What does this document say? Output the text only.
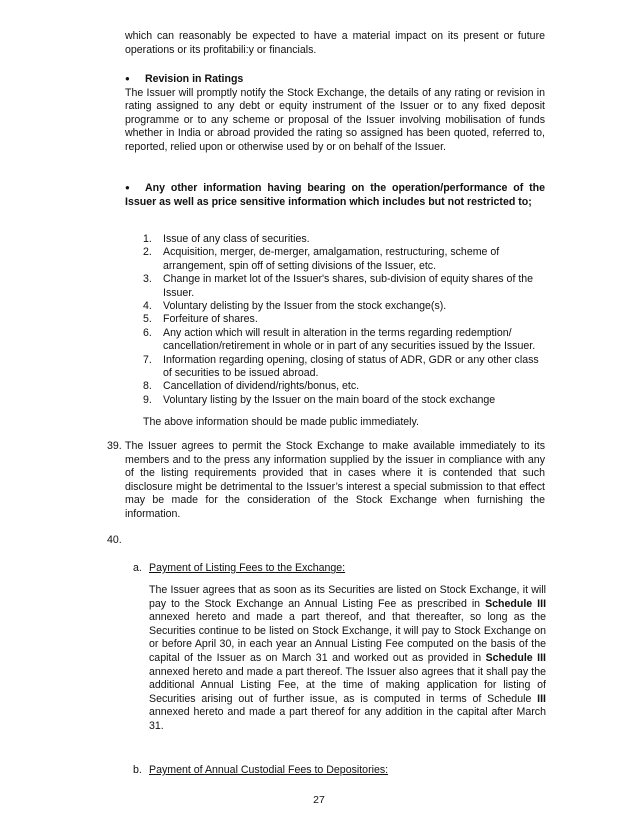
which can reasonably be expected to have a material impact on its present or future operations or its profitabili:y or financials.

● Revision in Ratings

The Issuer will promptly notify the Stock Exchange, the details of any rating or revision in rating assigned to any debt or equity instrument of the Issuer or to any fixed deposit programme or to any scheme or proposal of the Issuer involving mobilisation of funds whether in India or abroad provided the rating so assigned has been quoted, referred to, reported, relied upon or otherwise used by or on behalf of the Issuer.

● Any other information having bearing on the operation/performance of the Issuer as well as price sensitive information which includes but not restricted to;

1. Issue of any class of securities.
2. Acquisition, merger, de-merger, amalgamation, restructuring, scheme of arrangement, spin off of setting divisions of the Issuer, etc.
3. Change in market lot of the Issuer's shares, sub-division of equity shares of the Issuer.
4. Voluntary delisting by the Issuer from the stock exchange(s).
5. Forfeiture of shares.
6. Any action which will result in alteration in the terms regarding redemption/ cancellation/retirement in whole or in part of any securities issued by the Issuer.
7. Information regarding opening, closing of status of ADR, GDR or any other class of securities to be issued abroad.
8. Cancellation of dividend/rights/bonus, etc.
9. Voluntary listing by the Issuer on the main board of the stock exchange

The above information should be made public immediately.

39. The Issuer agrees to permit the Stock Exchange to make available immediately to its members and to the press any information supplied by the issuer in compliance with any of the listing requirements provided that in cases where it is contended that such disclosure might be detrimental to the Issuer’s interest a special submission to that effect may be made for the consideration of the Stock Exchange when furnishing the information.

40.

a. Payment of Listing Fees to the Exchange:

The Issuer agrees that as soon as its Securities are listed on Stock Exchange, it will pay to the Stock Exchange an Annual Listing Fee as prescribed in Schedule III annexed hereto and made a part thereof, and that thereafter, so long as the Securities continue to be listed on Stock Exchange, it will pay to Stock Exchange on or before April 30, in each year an Annual Listing Fee computed on the basis of the capital of the Issuer as on March 31 and worked out as provided in Schedule III annexed hereto and made a part thereof. The Issuer also agrees that it shall pay the additional Annual Listing Fee, at the time of making application for listing of Securities arising out of further issue, as is computed in terms of Schedule III annexed hereto and made a part thereof for any addition in the capital after March 31.

b. Payment of Annual Custodial Fees to Depositories:

27
